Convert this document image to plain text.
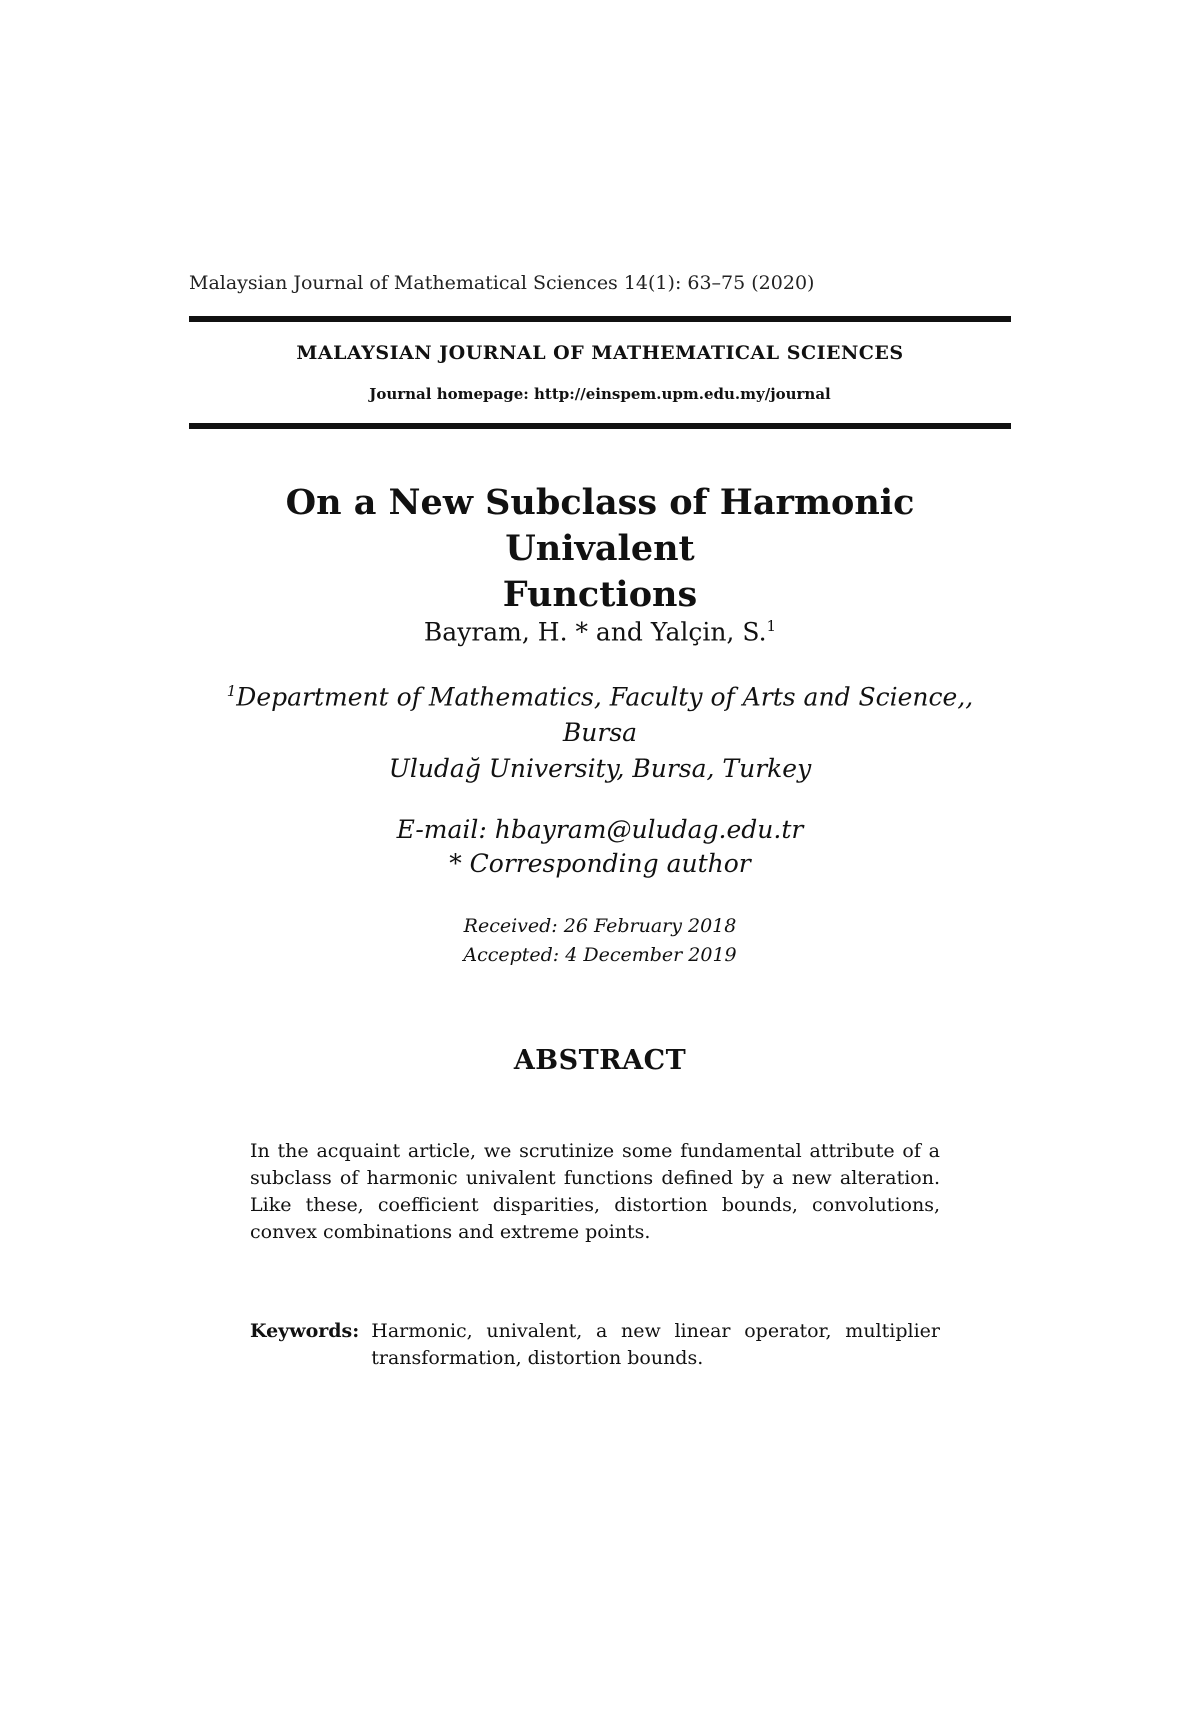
Malaysian Journal of Mathematical Sciences 14(1): 63–75 (2020)
MALAYSIAN JOURNAL OF MATHEMATICAL SCIENCES
Journal homepage: http://einspem.upm.edu.my/journal
On a New Subclass of Harmonic Univalent
Functions
Bayram, H. * and Yalçin, S.$^1$
$^1$Department of Mathematics, Faculty of Arts and Science,, Bursa
Uludağ University, Bursa, Turkey
E-mail: hbayram@uludag.edu.tr
* Corresponding author
Received: 26 February 2018
Accepted: 4 December 2019
ABSTRACT
In the acquaint article, we scrutinize some fundamental attribute of a subclass of harmonic univalent functions defined by a new alteration. Like these, coefficient disparities, distortion bounds, convolutions, convex combinations and extreme points.
Keywords: Harmonic, univalent, a new linear operator, multiplier transformation, distortion bounds.
